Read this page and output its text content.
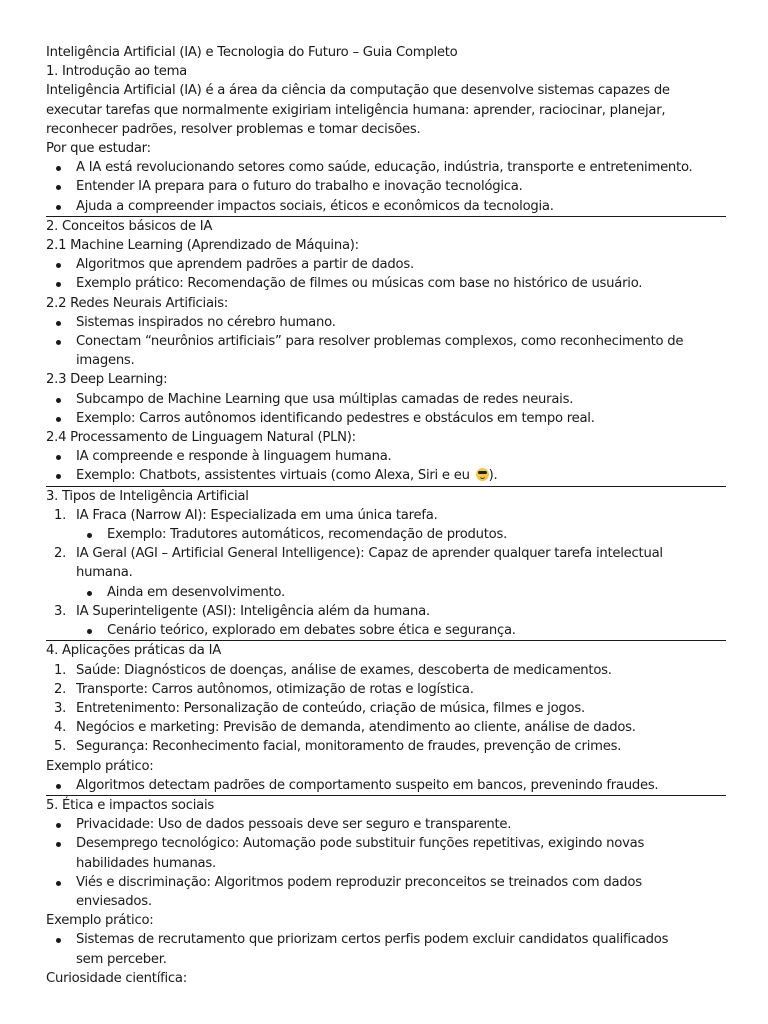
Inteligência Artificial (IA) e Tecnologia do Futuro – Guia Completo
1. Introdução ao tema
Inteligência Artificial (IA) é a área da ciência da computação que desenvolve sistemas capazes de
executar tarefas que normalmente exigiriam inteligência humana: aprender, raciocinar, planejar,
reconhecer padrões, resolver problemas e tomar decisões.
Por que estudar:
A IA está revolucionando setores como saúde, educação, indústria, transporte e entretenimento.
Entender IA prepara para o futuro do trabalho e inovação tecnológica.
Ajuda a compreender impactos sociais, éticos e econômicos da tecnologia.
2. Conceitos básicos de IA
2.1 Machine Learning (Aprendizado de Máquina):
Algoritmos que aprendem padrões a partir de dados.
Exemplo prático: Recomendação de filmes ou músicas com base no histórico de usuário.
2.2 Redes Neurais Artificiais:
Sistemas inspirados no cérebro humano.
Conectam “neurônios artificiais” para resolver problemas complexos, como reconhecimento de
imagens.
2.3 Deep Learning:
Subcampo de Machine Learning que usa múltiplas camadas de redes neurais.
Exemplo: Carros autônomos identificando pedestres e obstáculos em tempo real.
2.4 Processamento de Linguagem Natural (PLN):
IA compreende e responde à linguagem humana.
Exemplo: Chatbots, assistentes virtuais (como Alexa, Siri e eu ).
3. Tipos de Inteligência Artificial
1. IA Fraca (Narrow AI): Especializada em uma única tarefa.
Exemplo: Tradutores automáticos, recomendação de produtos.
2. IA Geral (AGI – Artificial General Intelligence): Capaz de aprender qualquer tarefa intelectual
humana.
Ainda em desenvolvimento.
3. IA Superinteligente (ASI): Inteligência além da humana.
Cenário teórico, explorado em debates sobre ética e segurança.
4. Aplicações práticas da IA
1. Saúde: Diagnósticos de doenças, análise de exames, descoberta de medicamentos.
2. Transporte: Carros autônomos, otimização de rotas e logística.
3. Entretenimento: Personalização de conteúdo, criação de música, filmes e jogos.
4. Negócios e marketing: Previsão de demanda, atendimento ao cliente, análise de dados.
5. Segurança: Reconhecimento facial, monitoramento de fraudes, prevenção de crimes.
Exemplo prático:
Algoritmos detectam padrões de comportamento suspeito em bancos, prevenindo fraudes.
5. Ética e impactos sociais
Privacidade: Uso de dados pessoais deve ser seguro e transparente.
Desemprego tecnológico: Automação pode substituir funções repetitivas, exigindo novas
habilidades humanas.
Viés e discriminação: Algoritmos podem reproduzir preconceitos se treinados com dados
enviesados.
Exemplo prático:
Sistemas de recrutamento que priorizam certos perfis podem excluir candidatos qualificados
sem perceber.
Curiosidade científica:
